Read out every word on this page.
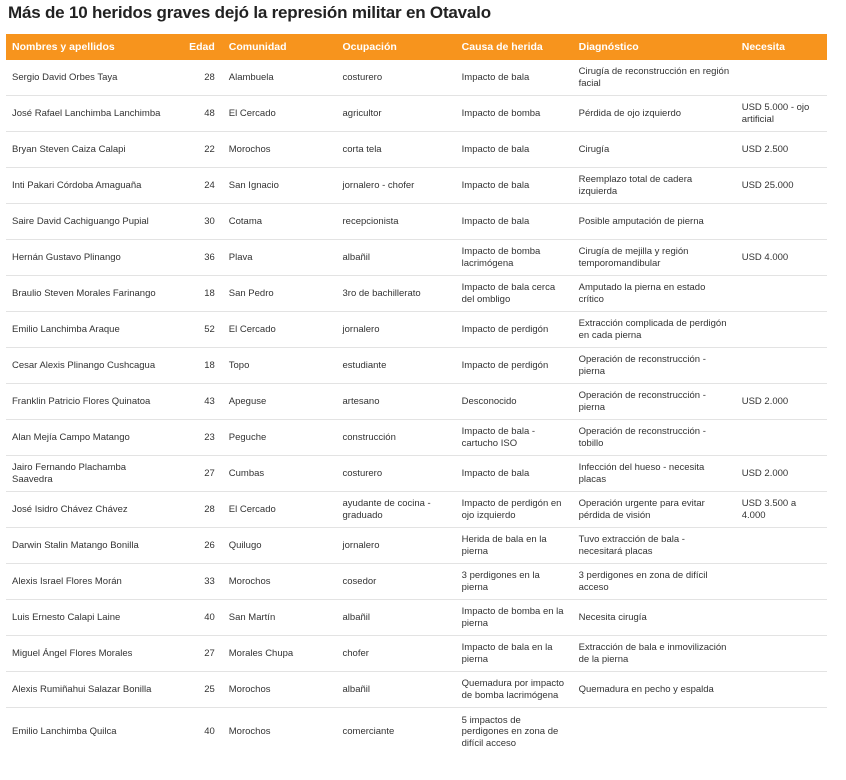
Más de 10 heridos graves dejó la represión militar en Otavalo
Nombres y apellidos	Edad	Comunidad	Ocupación	Causa de herida	Diagnóstico	Necesita
Sergio David Orbes Taya	28	Alambuela	costurero	Impacto de bala	Cirugía de reconstrucción en región facial	
José Rafael Lanchimba Lanchimba	48	El Cercado	agricultor	Impacto de bomba	Pérdida de ojo izquierdo	USD 5.000 - ojo artificial
Bryan Steven Caiza Calapi	22	Morochos	corta tela	Impacto de bala	Cirugía	USD 2.500
Inti Pakari Córdoba Amaguaña	24	San Ignacio	jornalero - chofer	Impacto de bala	Reemplazo total de cadera izquierda	USD 25.000
Saire David Cachiguango Pupial	30	Cotama	recepcionista	Impacto de bala	Posible amputación de pierna	
Hernán Gustavo Plinango	36	Plava	albañil	Impacto de bomba lacrimógena	Cirugía de mejilla y región temporomandibular	USD 4.000
Braulio Steven Morales Farinango	18	San Pedro	3ro de bachillerato	Impacto de bala cerca del ombligo	Amputado la pierna en estado crítico	
Emilio Lanchimba Araque	52	El Cercado	jornalero	Impacto de perdigón	Extracción complicada de perdigón en cada pierna	
Cesar Alexis Plinango Cushcagua	18	Topo	estudiante	Impacto de perdigón	Operación de reconstrucción - pierna	
Franklin Patricio Flores Quinatoa	43	Apeguse	artesano	Desconocido	Operación de reconstrucción - pierna	USD 2.000
Alan Mejía Campo Matango	23	Peguche	construcción	Impacto de bala - cartucho ISO	Operación de reconstrucción - tobillo	
Jairo Fernando Plachamba Saavedra	27	Cumbas	costurero	Impacto de bala	Infección del hueso - necesita placas	USD 2.000
José Isidro Chávez Chávez	28	El Cercado	ayudante de cocina - graduado	Impacto de perdigón en ojo izquierdo	Operación urgente para evitar pérdida de visión	USD 3.500 a 4.000
Darwin Stalin Matango Bonilla	26	Quilugo	jornalero	Herida de bala en la pierna	Tuvo extracción de bala - necesitará placas	
Alexis Israel Flores Morán	33	Morochos	cosedor	3 perdigones en la pierna	3 perdigones en zona de difícil acceso	
Luis Ernesto Calapi Laine	40	San Martín	albañil	Impacto de bomba en la pierna	Necesita cirugía	
Miguel Ángel Flores Morales	27	Morales Chupa	chofer	Impacto de bala en la pierna	Extracción de bala e inmovilización de la pierna	
Alexis Rumiñahui Salazar Bonilla	25	Morochos	albañil	Quemadura por impacto de bomba lacrimógena	Quemadura en pecho y espalda	
Emilio Lanchimba Quilca	40	Morochos	comerciante	5 impactos de perdigones en zona de difícil acceso		
